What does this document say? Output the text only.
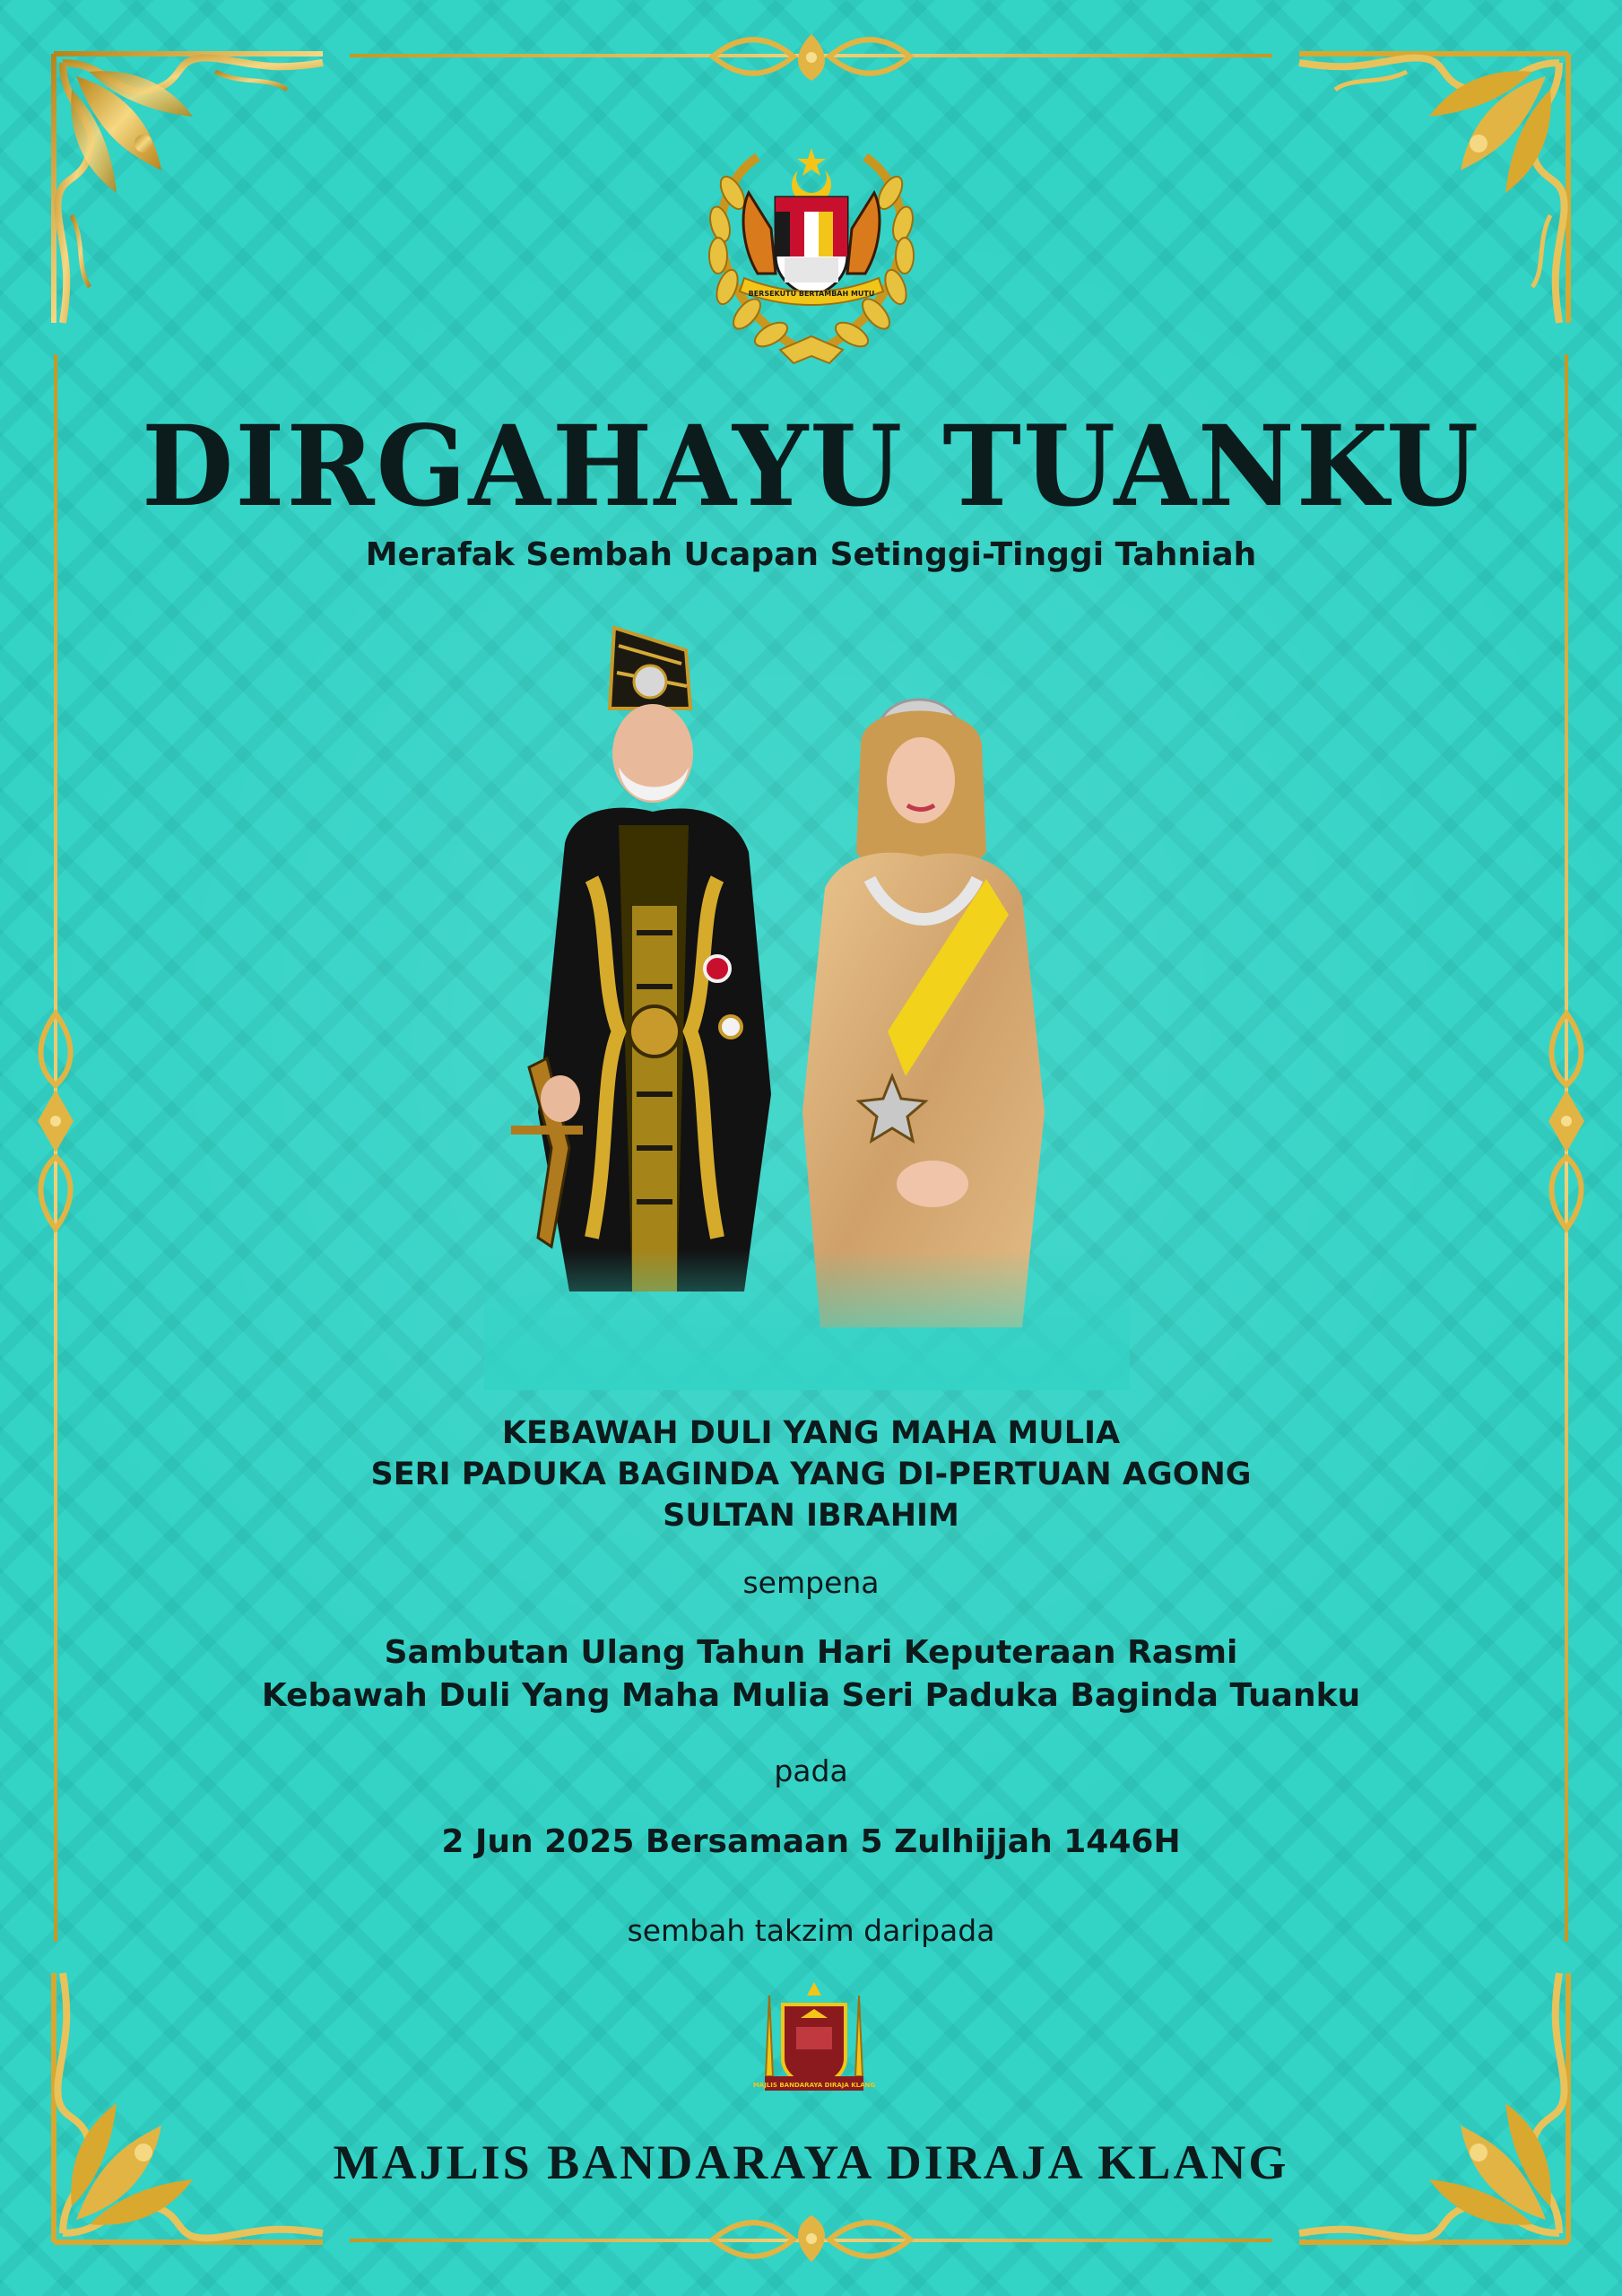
BERSEKUTU BERTAMBAH MUTU
DIRGAHAYU TUANKU
Merafak Sembah Ucapan Setinggi-Tinggi Tahniah
KEBAWAH DULI YANG MAHA MULIA
SERI PADUKA BAGINDA YANG DI-PERTUAN AGONG
SULTAN IBRAHIM
sempena
Sambutan Ulang Tahun Hari Keputeraan Rasmi
Kebawah Duli Yang Maha Mulia Seri Paduka Baginda Tuanku
pada
2 Jun 2025 Bersamaan 5 Zulhijjah 1446H
sembah takzim daripada
MAJLIS BANDARAYA DIRAJA KLANG
MAJLIS BANDARAYA DIRAJA KLANG
